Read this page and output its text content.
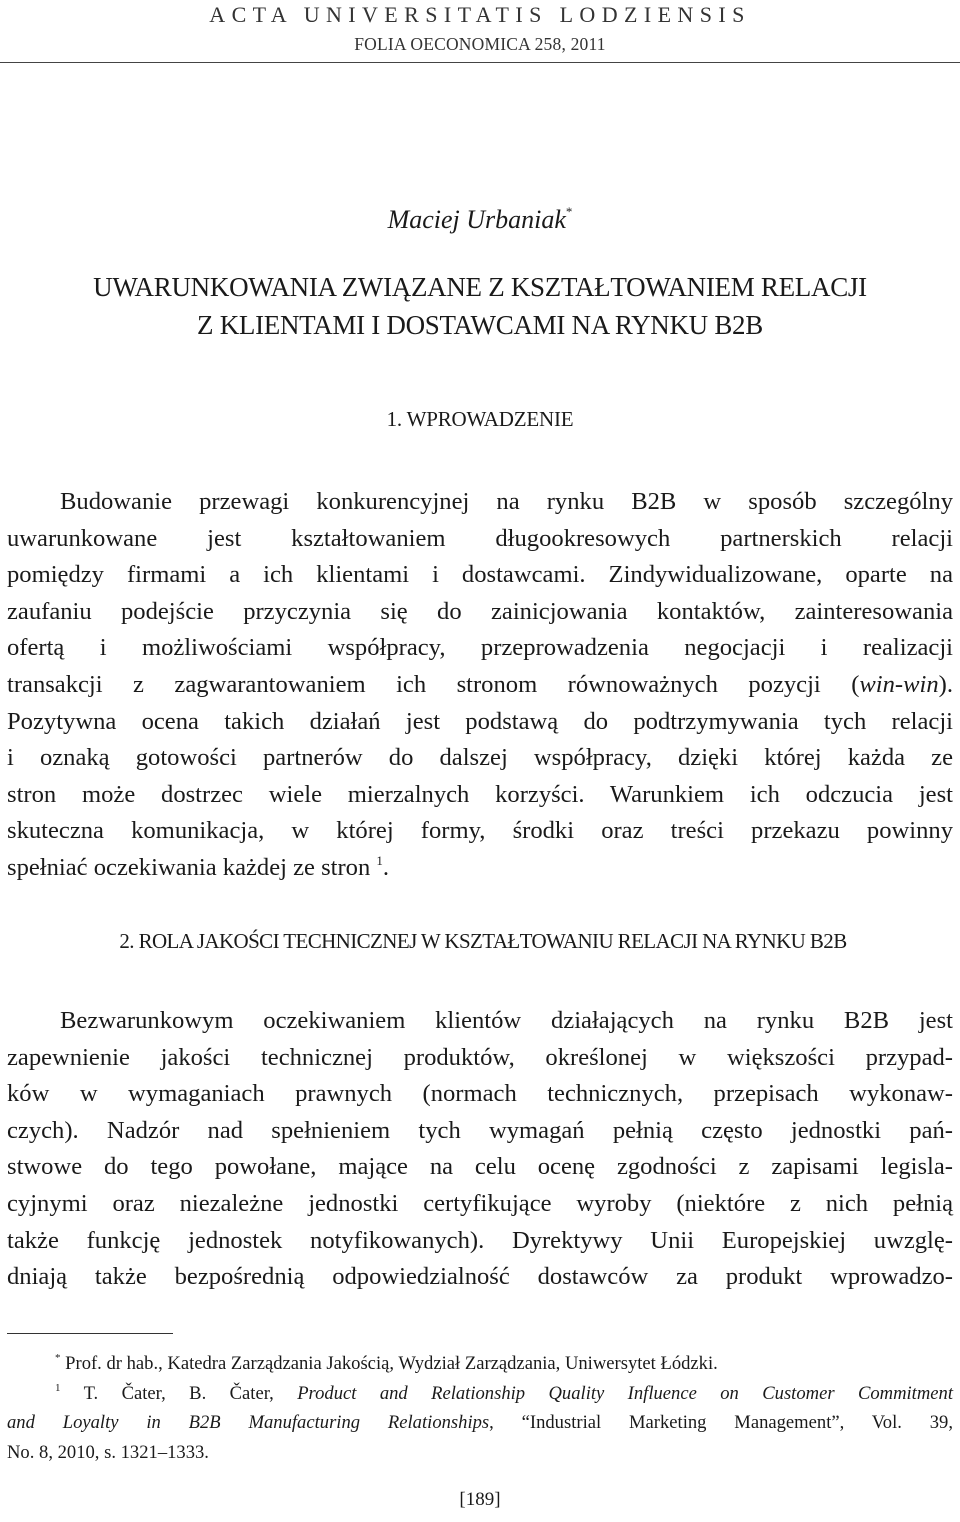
ACTA UNIVERSITATIS LODZIENSIS
FOLIA OECONOMICA 258, 2011
Maciej Urbaniak*
UWARUNKOWANIA ZWIĄZANE Z KSZTAŁTOWANIEM RELACJI
Z KLIENTAMI I DOSTAWCAMI NA RYNKU B2B
1. WPROWADZENIE
Budowanie przewagi konkurencyjnej na rynku B2B w sposób szczególny
uwarunkowane jest kształtowaniem długookresowych partnerskich relacji
pomiędzy firmami a ich klientami i dostawcami. Zindywidualizowane, oparte na
zaufaniu podejście przyczynia się do zainicjowania kontaktów, zainteresowania
ofertą i możliwościami współpracy, przeprowadzenia negocjacji i realizacji
transakcji z zagwarantowaniem ich stronom równoważnych pozycji (win-win).
Pozytywna ocena takich działań jest podstawą do podtrzymywania tych relacji
i oznaką gotowości partnerów do dalszej współpracy, dzięki której każda ze
stron może dostrzec wiele mierzalnych korzyści. Warunkiem ich odczucia jest
skuteczna komunikacja, w której formy, środki oraz treści przekazu powinny
spełniać oczekiwania każdej ze stron $^1$.
2. ROLA JAKOŚCI TECHNICZNEJ W KSZTAŁTOWANIU RELACJI NA RYNKU B2B
Bezwarunkowym oczekiwaniem klientów działających na rynku B2B jest
zapewnienie jakości technicznej produktów, określonej w większości przypad-
ków w wymaganiach prawnych (normach technicznych, przepisach wykonaw-
czych). Nadzór nad spełnieniem tych wymagań pełnią często jednostki pań-
stwowe do tego powołane, mające na celu ocenę zgodności z zapisami legisla-
cyjnymi oraz niezależne jednostki certyfikujące wyroby (niektóre z nich pełnią
także funkcję jednostek notyfikowanych). Dyrektywy Unii Europejskiej uwzglę-
dniają także bezpośrednią odpowiedzialność dostawców za produkt wprowadzo-
* Prof. dr hab., Katedra Zarządzania Jakością, Wydział Zarządzania, Uniwersytet Łódzki.
$^1$ T. Čater, B. Čater, Product and Relationship Quality Influence on Customer Commitment
and Loyalty in B2B Manufacturing Relationships, “Industrial Marketing Management”, Vol. 39,
No. 8, 2010, s. 1321–1333.
[189]
